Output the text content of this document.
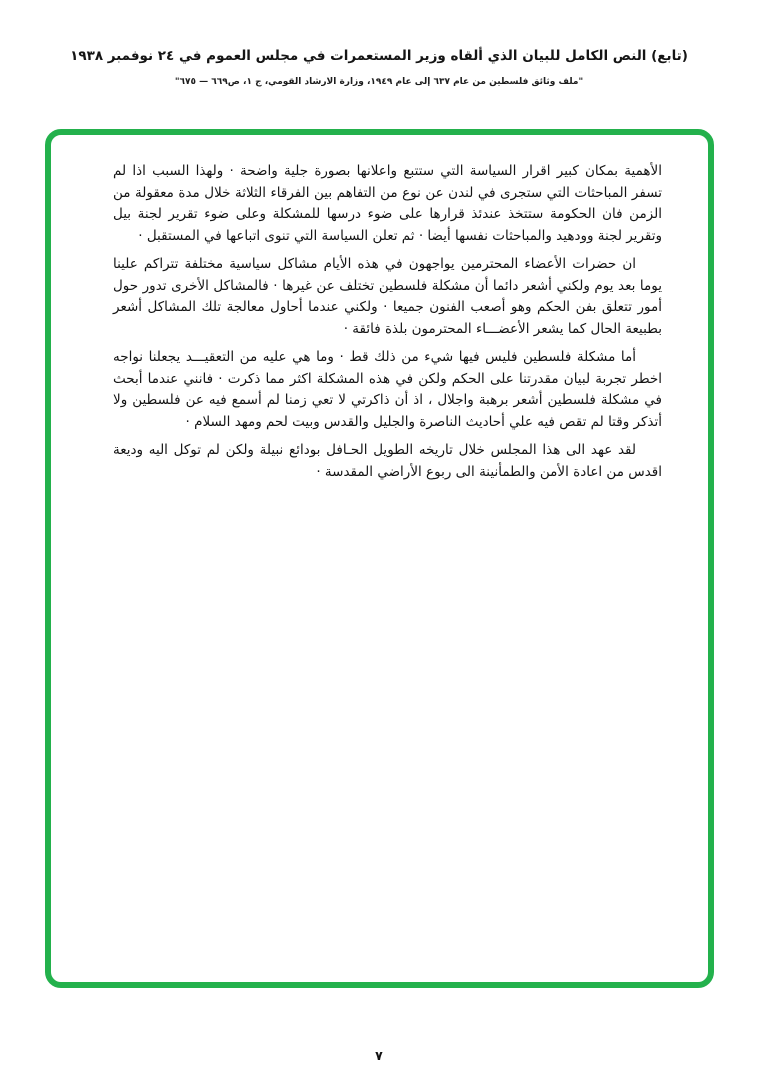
(تابع) النص الكامل للبيان الذي ألقاه وزير المستعمرات في مجلس العموم في ٢٤ نوفمبر ١٩٣٨
"ملف وثائق فلسطين من عام ٦٣٧ إلى عام ١٩٤٩، وزارة الارشاد القومي، ج ١، ص٦٦٩ — ٦٧٥"

الأهمية بمكان كبير اقرار السياسة التي ستتبع واعلانها بصورة جلية واضحة · ولهذا السبب اذا لم تسفر المباحثات التي ستجرى في لندن عن نوع من التفاهم بين الفرقاء الثلاثة خلال مدة معقولة من الزمن فان الحكومة ستتخذ عندئذ قرارها على ضوء درسها للمشكلة وعلى ضوء تقرير لجنة بيل وتقرير لجنة وودهيد والمباحثات نفسها أيضا · ثم تعلن السياسة التي تنوى اتباعها في المستقبل ·

ان حضرات الأعضاء المحترمين يواجهون في هذه الأيام مشاكل سياسية مختلفة تتراكم علينا يوما بعد يوم ولكني أشعر دائما أن مشكلة فلسطين تختلف عن غيرها · فالمشاكل الأخرى تدور حول أمور تتعلق بفن الحكم وهو أصعب الفنون جميعا · ولكني عندما أحاول معالجة تلك المشاكل أشعر بطبيعة الحال كما يشعر الأعضـــاء المحترمون بلذة فائقة ·

أما مشكلة فلسطين فليس فيها شيء من ذلك قط · وما هي عليه من التعقيـــد يجعلنا نواجه اخطر تجربة لبيان مقدرتنا على الحكم ولكن في هذه المشكلة اكثر مما ذكرت · فانني عندما أبحث في مشكلة فلسطين أشعر برهبة واجلال ، اذ أن ذاكرتي لا تعي زمنا لم أسمع فيه عن فلسطين ولا أتذكر وقتا لم تقص فيه علي أحاديث الناصرة والجليل والقدس وبيت لحم ومهد السلام ·

لقد عهد الى هذا المجلس خلال تاريخه الطويل الحـافل بودائع نبيلة ولكن لم توكل اليه وديعة اقدس من اعادة الأمن والطمأنينة الى ربوع الأراضي المقدسة ·

٧
